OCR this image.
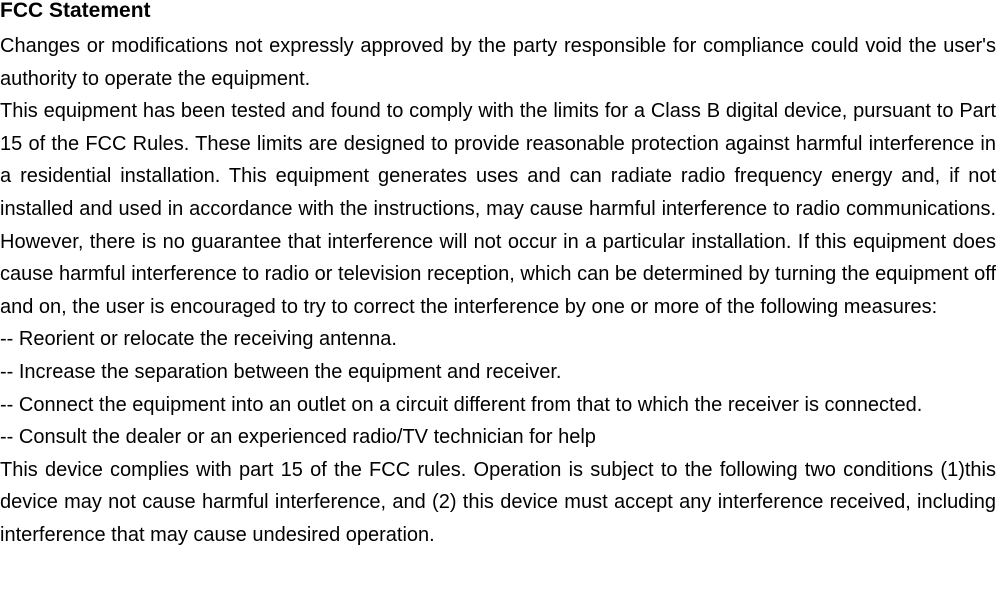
FCC Statement

Changes or modifications not expressly approved by the party responsible for compliance could void the user's authority to operate the equipment.

This equipment has been tested and found to comply with the limits for a Class B digital device, pursuant to Part 15 of the FCC Rules. These limits are designed to provide reasonable protection against harmful interference in a residential installation. This equipment generates uses and can radiate radio frequency energy and, if not installed and used in accordance with the instructions, may cause harmful interference to radio communications. However, there is no guarantee that interference will not occur in a particular installation. If this equipment does cause harmful interference to radio or television reception, which can be determined by turning the equipment off and on, the user is encouraged to try to correct the interference by one or more of the following measures:

-- Reorient or relocate the receiving antenna.

-- Increase the separation between the equipment and receiver.

-- Connect the equipment into an outlet on a circuit different from that to which the receiver is connected.

-- Consult the dealer or an experienced radio/TV technician for help

This device complies with part 15 of the FCC rules. Operation is subject to the following two conditions (1)this device may not cause harmful interference, and (2) this device must accept any interference received, including interference that may cause undesired operation.
